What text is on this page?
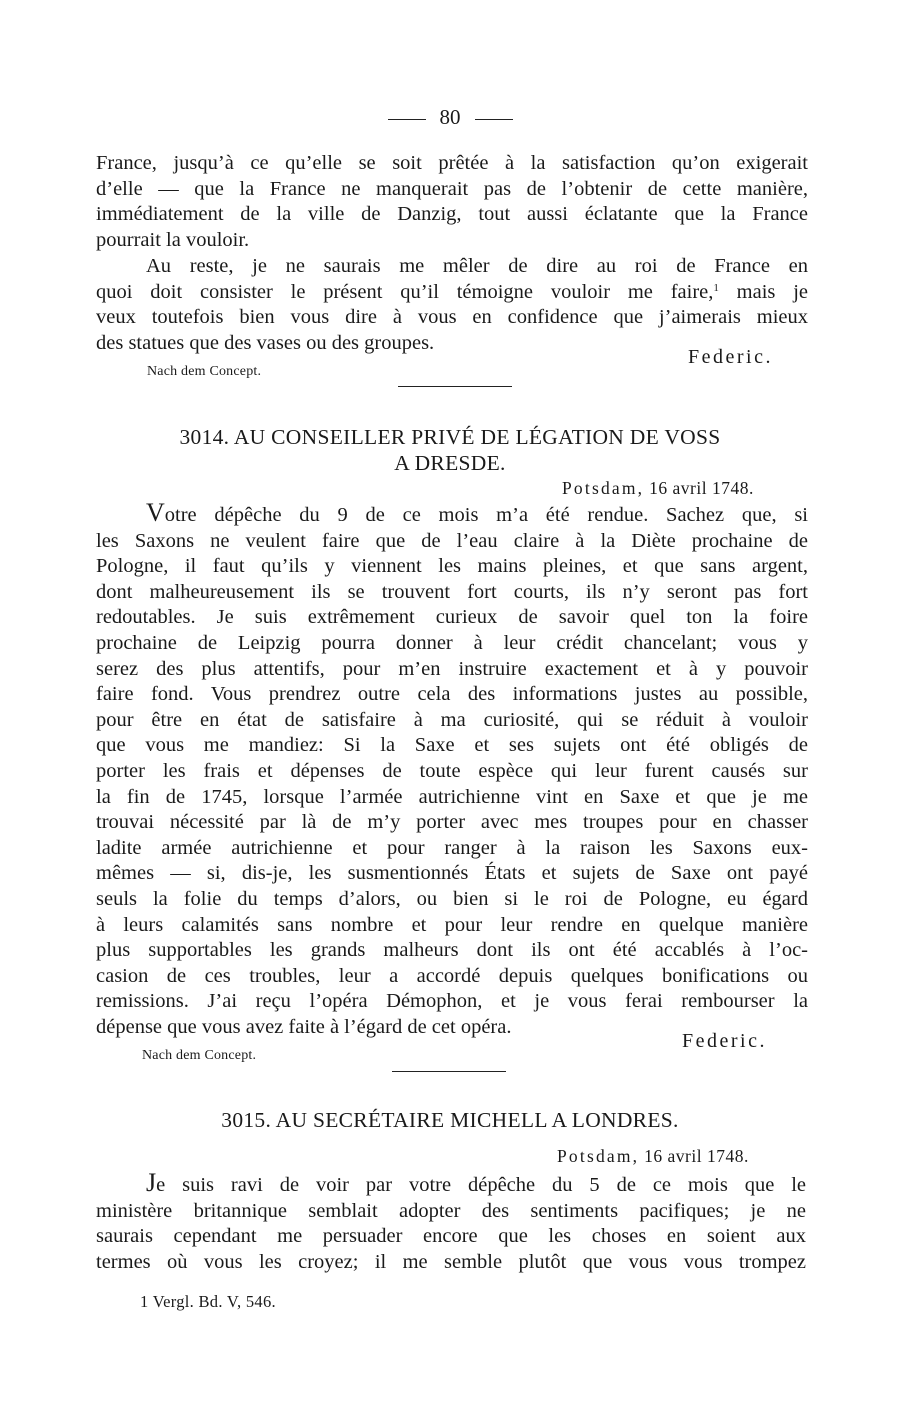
80
France, jusqu’à ce qu’elle se soit prêtée à la satisfaction qu’on exigerait
d’elle — que la France ne manquerait pas de l’obtenir de cette manière,
immédiatement de la ville de Danzig, tout aussi éclatante que la France
pourrait la vouloir.
Au reste, je ne saurais me mêler de dire au roi de France en
quoi doit consister le présent qu’il témoigne vouloir me faire,$^1$ mais je
veux toutefois bien vous dire à vous en confidence que j’aimerais mieux
des statues que des vases ou des groupes.
Federic.
Nach dem Concept.
3014. AU CONSEILLER PRIVÉ DE LÉGATION DE VOSS
A DRESDE.
Potsdam, 16 avril 1748.
Votre dépêche du 9 de ce mois m’a été rendue. Sachez que, si
les Saxons ne veulent faire que de l’eau claire à la Diète prochaine de
Pologne, il faut qu’ils y viennent les mains pleines, et que sans argent,
dont malheureusement ils se trouvent fort courts, ils n’y seront pas fort
redoutables. Je suis extrêmement curieux de savoir quel ton la foire
prochaine de Leipzig pourra donner à leur crédit chancelant; vous y
serez des plus attentifs, pour m’en instruire exactement et à y pouvoir
faire fond. Vous prendrez outre cela des informations justes au possible,
pour être en état de satisfaire à ma curiosité, qui se réduit à vouloir
que vous me mandiez: Si la Saxe et ses sujets ont été obligés de
porter les frais et dépenses de toute espèce qui leur furent causés sur
la fin de 1745, lorsque l’armée autrichienne vint en Saxe et que je me
trouvai nécessité par là de m’y porter avec mes troupes pour en chasser
ladite armée autrichienne et pour ranger à la raison les Saxons eux-
mêmes — si, dis-je, les susmentionnés États et sujets de Saxe ont payé
seuls la folie du temps d’alors, ou bien si le roi de Pologne, eu égard
à leurs calamités sans nombre et pour leur rendre en quelque manière
plus supportables les grands malheurs dont ils ont été accablés à l’oc-
casion de ces troubles, leur a accordé depuis quelques bonifications ou
remissions. J’ai reçu l’opéra Démophon, et je vous ferai rembourser la
dépense que vous avez faite à l’égard de cet opéra.
Federic.
Nach dem Concept.
3015. AU SECRÉTAIRE MICHELL A LONDRES.
Potsdam, 16 avril 1748.
Je suis ravi de voir par votre dépêche du 5 de ce mois que le
ministère britannique semblait adopter des sentiments pacifiques; je ne
saurais cependant me persuader encore que les choses en soient aux
termes où vous les croyez; il me semble plutôt que vous vous trompez
1 Vergl. Bd. V, 546.
